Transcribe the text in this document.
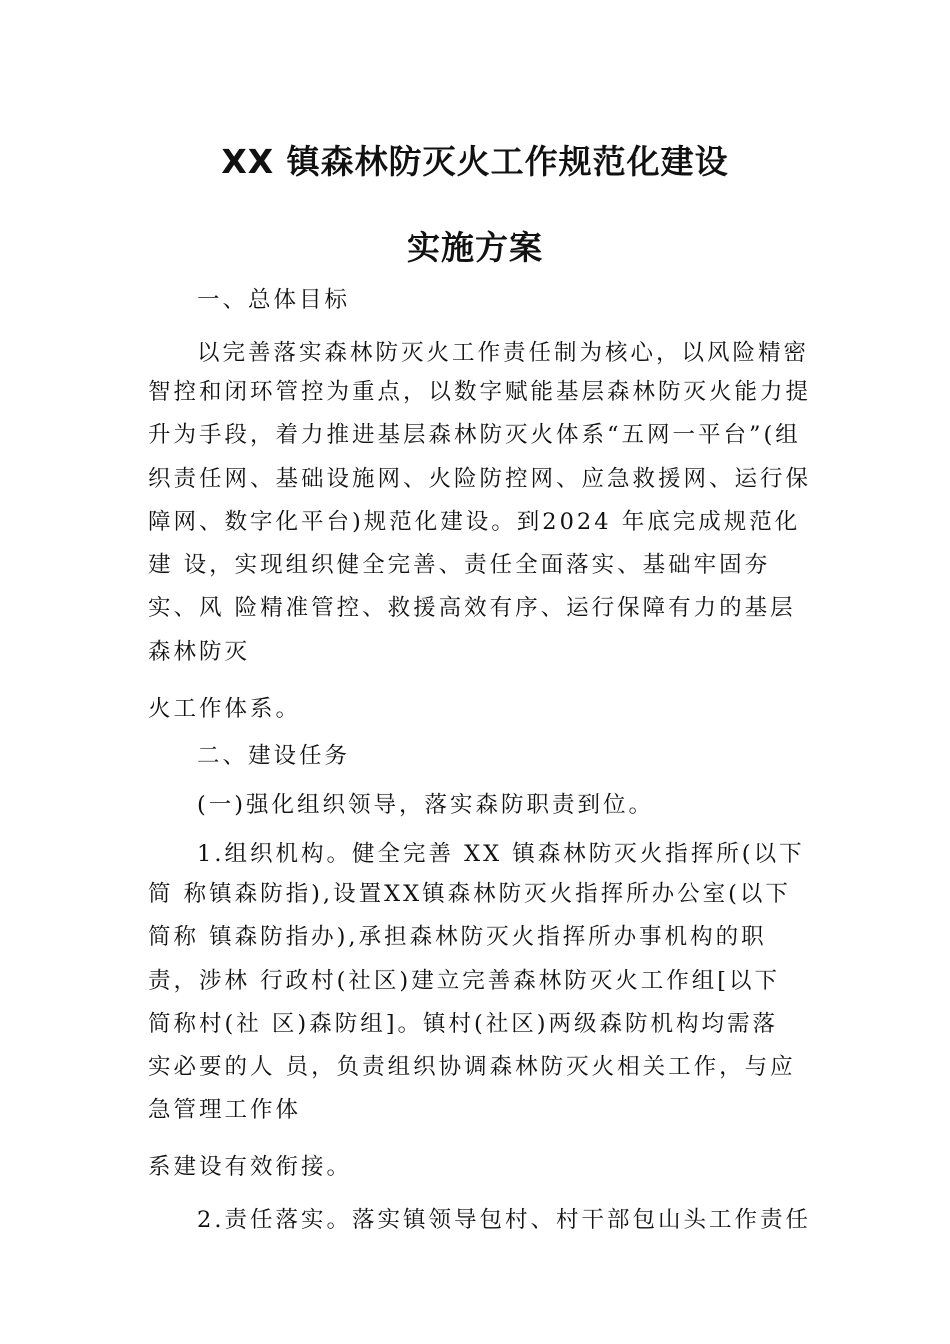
XX 镇森林防灭火工作规范化建设
实施方案
一、总体目标
以完善落实森林防灭火工作责任制为核心，以风险精密
智控和闭环管控为重点，以数字赋能基层森林防灭火能力提
升为手段，着力推进基层森林防灭火体系“五网一平台”(组
织责任网、基础设施网、火险防控网、应急救援网、运行保
障网、数字化平台)规范化建设。到2024 年底完成规范化
建 设，实现组织健全完善、责任全面落实、基础牢固夯
实、风 险精准管控、救援高效有序、运行保障有力的基层
森林防灭
火工作体系。
二、建设任务
(一)强化组织领导，落实森防职责到位。
1.组织机构。健全完善 XX 镇森林防灭火指挥所(以下
简 称镇森防指),设置XX镇森林防灭火指挥所办公室(以下
简称 镇森防指办),承担森林防灭火指挥所办事机构的职
责，涉林 行政村(社区)建立完善森林防灭火工作组[以下
简称村(社 区)森防组]。镇村(社区)两级森防机构均需落
实必要的人 员，负责组织协调森林防灭火相关工作，与应
急管理工作体
系建设有效衔接。
2.责任落实。落实镇领导包村、村干部包山头工作责任
